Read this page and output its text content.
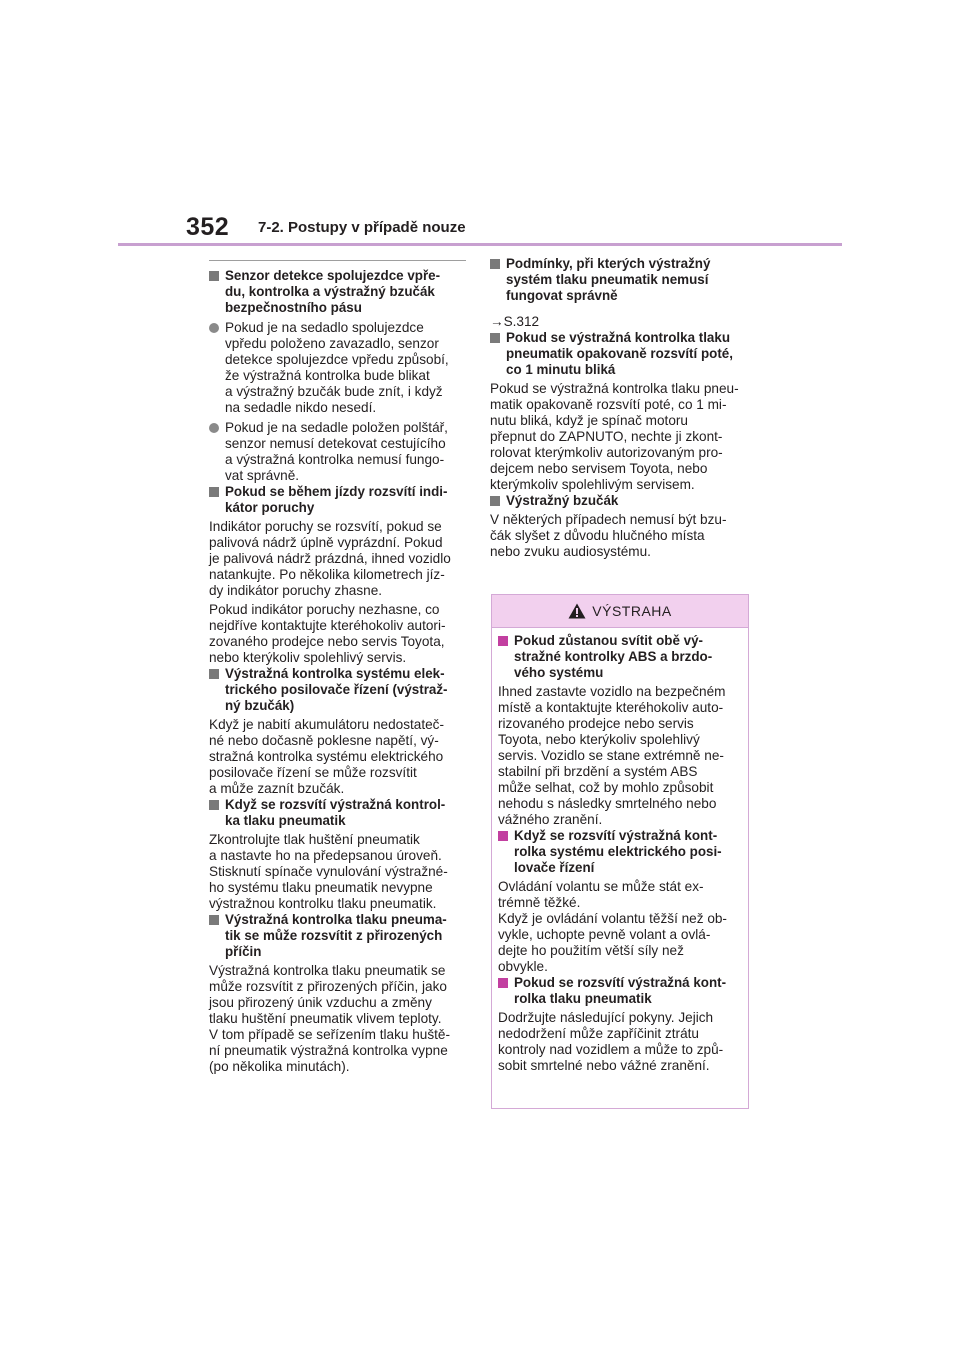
352 7-2. Postupy v případě nouze
Senzor detekce spolujezdce vpře-
du, kontrolka a výstražný bzučák
bezpečnostního pásu
Pokud je na sedadlo spolujezdce
vpředu položeno zavazadlo, senzor
detekce spolujezdce vpředu způsobí,
že výstražná kontrolka bude blikat
a výstražný bzučák bude znít, i když
na sedadle nikdo nesedí.
Pokud je na sedadle položen polštář,
senzor nemusí detekovat cestujícího
a výstražná kontrolka nemusí fungo-
vat správně.
Pokud se během jízdy rozsvítí indi-
kátor poruchy
Indikátor poruchy se rozsvítí, pokud se
palivová nádrž úplně vyprázdní. Pokud
je palivová nádrž prázdná, ihned vozidlo
natankujte. Po několika kilometrech jíz-
dy indikátor poruchy zhasne.
Pokud indikátor poruchy nezhasne, co
nejdříve kontaktujte kteréhokoliv autori-
zovaného prodejce nebo servis Toyota,
nebo kterýkoliv spolehlivý servis.
Výstražná kontrolka systému elek-
trického posilovače řízení (výstraž-
ný bzučák)
Když je nabití akumulátoru nedostateč-
né nebo dočasně poklesne napětí, vý-
stražná kontrolka systému elektrického
posilovače řízení se může rozsvítit
a může zaznít bzučák.
Když se rozsvítí výstražná kontrol-
ka tlaku pneumatik
Zkontrolujte tlak huštění pneumatik
a nastavte ho na předepsanou úroveň.
Stisknutí spínače vynulování výstražné-
ho systému tlaku pneumatik nevypne
výstražnou kontrolku tlaku pneumatik.
Výstražná kontrolka tlaku pneuma-
tik se může rozsvítit z přirozených
příčin
Výstražná kontrolka tlaku pneumatik se
může rozsvítit z přirozených příčin, jako
jsou přirozený únik vzduchu a změny
tlaku huštění pneumatik vlivem teploty.
V tom případě se seřízením tlaku huště-
ní pneumatik výstražná kontrolka vypne
(po několika minutách).
Podmínky, při kterých výstražný
systém tlaku pneumatik nemusí
fungovat správně
→S.312
Pokud se výstražná kontrolka tlaku
pneumatik opakovaně rozsvítí poté,
co 1 minutu bliká
Pokud se výstražná kontrolka tlaku pneu-
matik opakovaně rozsvítí poté, co 1 mi-
nutu bliká, když je spínač motoru
přepnut do ZAPNUTO, nechte ji zkont-
rolovat kterýmkoliv autorizovaným pro-
dejcem nebo servisem Toyota, nebo
kterýmkoliv spolehlivým servisem.
Výstražný bzučák
V některých případech nemusí být bzu-
čák slyšet z důvodu hlučného místa
nebo zvuku audiosystému.
VÝSTRAHA
Pokud zůstanou svítit obě vý-
stražné kontrolky ABS a brzdo-
vého systému
Ihned zastavte vozidlo na bezpečném
místě a kontaktujte kteréhokoliv auto-
rizovaného prodejce nebo servis
Toyota, nebo kterýkoliv spolehlivý
servis. Vozidlo se stane extrémně ne-
stabilní při brzdění a systém ABS
může selhat, což by mohlo způsobit
nehodu s následky smrtelného nebo
vážného zranění.
Když se rozsvítí výstražná kont-
rolka systému elektrického posi-
lovače řízení
Ovládání volantu se může stát ex-
trémně těžké.
Když je ovládání volantu těžší než ob-
vykle, uchopte pevně volant a ovlá-
dejte ho použitím větší síly než
obvykle.
Pokud se rozsvítí výstražná kont-
rolka tlaku pneumatik
Dodržujte následující pokyny. Jejich
nedodržení může zapříčinit ztrátu
kontroly nad vozidlem a může to způ-
sobit smrtelné nebo vážné zranění.
